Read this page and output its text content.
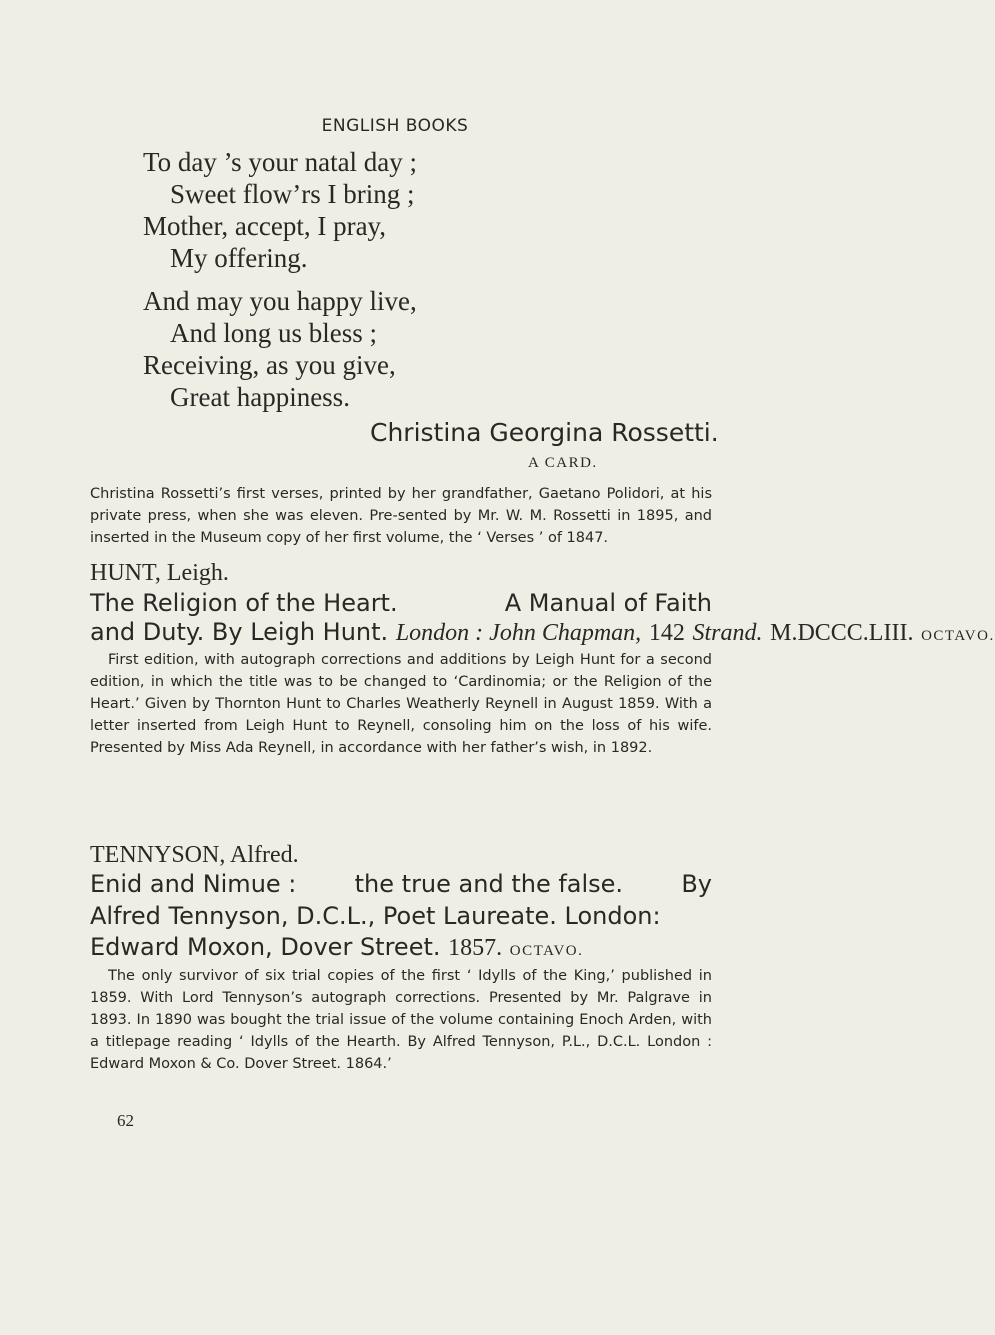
ENGLISH BOOKS
To day ’s your natal day ;
Sweet flow’rs I bring ;
Mother, accept, I pray,
My offering.
And may you happy live,
And long us bless ;
Receiving, as you give,
Great happiness.
Christina Georgina Rossetti.
A CARD.
Christina Rossetti’s first verses, printed by her grandfather, Gaetano Polidori, at his private press, when she was eleven. Pre-sented by Mr. W. M. Rossetti in 1895, and inserted in the Museum copy of her first volume, the ‘ Verses ’ of 1847.
HUNT, Leigh.
The Religion of the Heart.	A Manual of Faith
and Duty. By Leigh Hunt. London : John Chapman, 142 Strand. M.DCCC.LIII. OCTAVO.
First edition, with autograph corrections and additions by Leigh Hunt for a second edition, in which the title was to be changed to ‘Cardinomia; or the Religion of the Heart.’ Given by Thornton Hunt to Charles Weatherly Reynell in August 1859. With a letter inserted from Leigh Hunt to Reynell, consoling him on the loss of his wife. Presented by Miss Ada Reynell, in accordance with her father’s wish, in 1892.
TENNYSON, Alfred.
Enid and Nimue : the true and the false. By
Alfred Tennyson, D.C.L., Poet Laureate. London:
Edward Moxon, Dover Street. 1857. OCTAVO.
The only survivor of six trial copies of the first ‘ Idylls of the King,’ published in 1859. With Lord Tennyson’s autograph corrections. Presented by Mr. Palgrave in 1893. In 1890 was bought the trial issue of the volume containing Enoch Arden, with a titlepage reading ‘ Idylls of the Hearth. By Alfred Tennyson, P.L., D.C.L. London : Edward Moxon & Co. Dover Street. 1864.’
62
